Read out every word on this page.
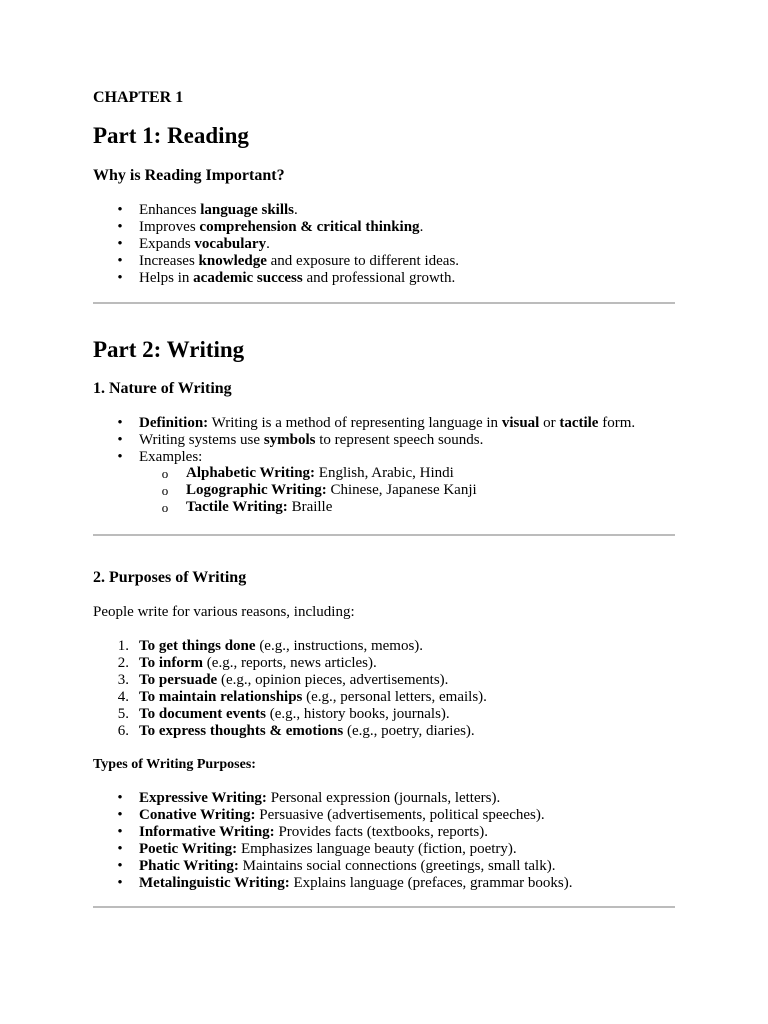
CHAPTER 1
Part 1: Reading
Why is Reading Important?
• Enhances language skills.
• Improves comprehension & critical thinking.
• Expands vocabulary.
• Increases knowledge and exposure to different ideas.
• Helps in academic success and professional growth.
Part 2: Writing
1. Nature of Writing
• Definition: Writing is a method of representing language in visual or tactile form.
• Writing systems use symbols to represent speech sounds.
• Examples:
o Alphabetic Writing: English, Arabic, Hindi
o Logographic Writing: Chinese, Japanese Kanji
o Tactile Writing: Braille
2. Purposes of Writing

People write for various reasons, including:

1. To get things done (e.g., instructions, memos).
2. To inform (e.g., reports, news articles).
3. To persuade (e.g., opinion pieces, advertisements).
4. To maintain relationships (e.g., personal letters, emails).
5. To document events (e.g., history books, journals).
6. To express thoughts & emotions (e.g., poetry, diaries).
Types of Writing Purposes:
• Expressive Writing: Personal expression (journals, letters).
• Conative Writing: Persuasive (advertisements, political speeches).
• Informative Writing: Provides facts (textbooks, reports).
• Poetic Writing: Emphasizes language beauty (fiction, poetry).
• Phatic Writing: Maintains social connections (greetings, small talk).
• Metalinguistic Writing: Explains language (prefaces, grammar books).
